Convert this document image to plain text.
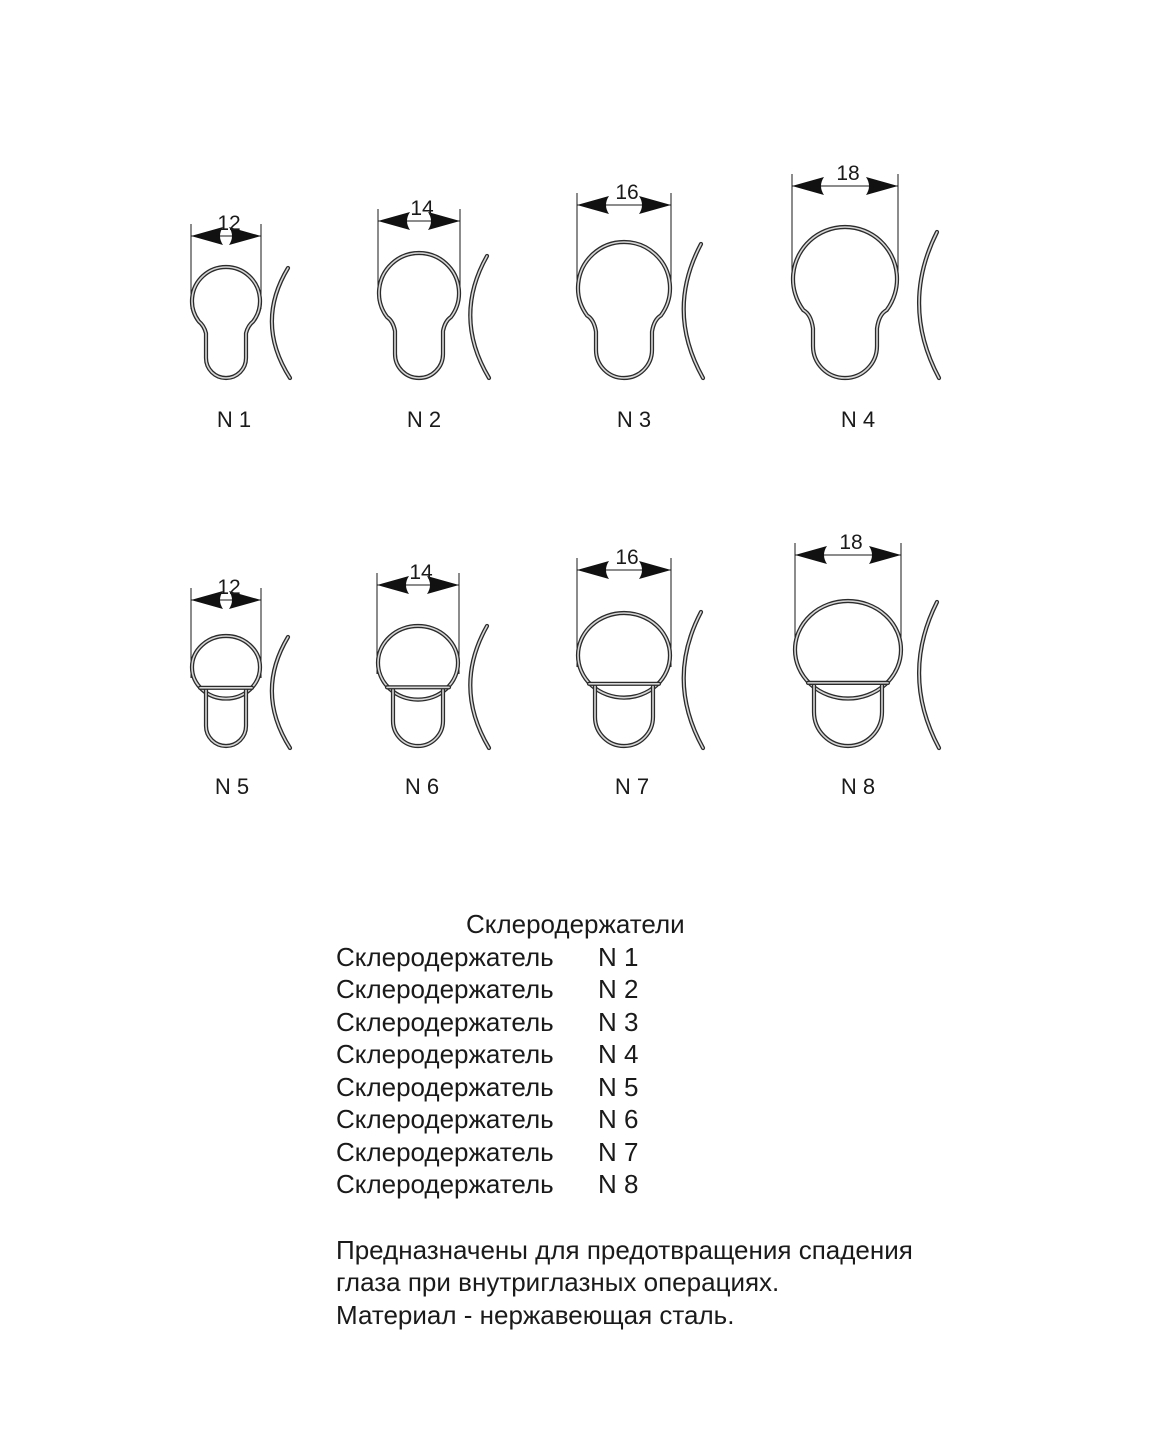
12
N 1
14
N 2
16
N 3
18
N 4
12
N 5
14
N 6
16
N 7
18
N 8
Склеродержатели
Склеродержатель	N 1
Склеродержатель	N 2
Склеродержатель	N 3
Склеродержатель	N 4
Склеродержатель	N 5
Склеродержатель	N 6
Склеродержатель	N 7
Склеродержатель	N 8
Предназначены для предотвращения спадения
глаза при внутриглазных операциях.
Материал - нержавеющая сталь.
